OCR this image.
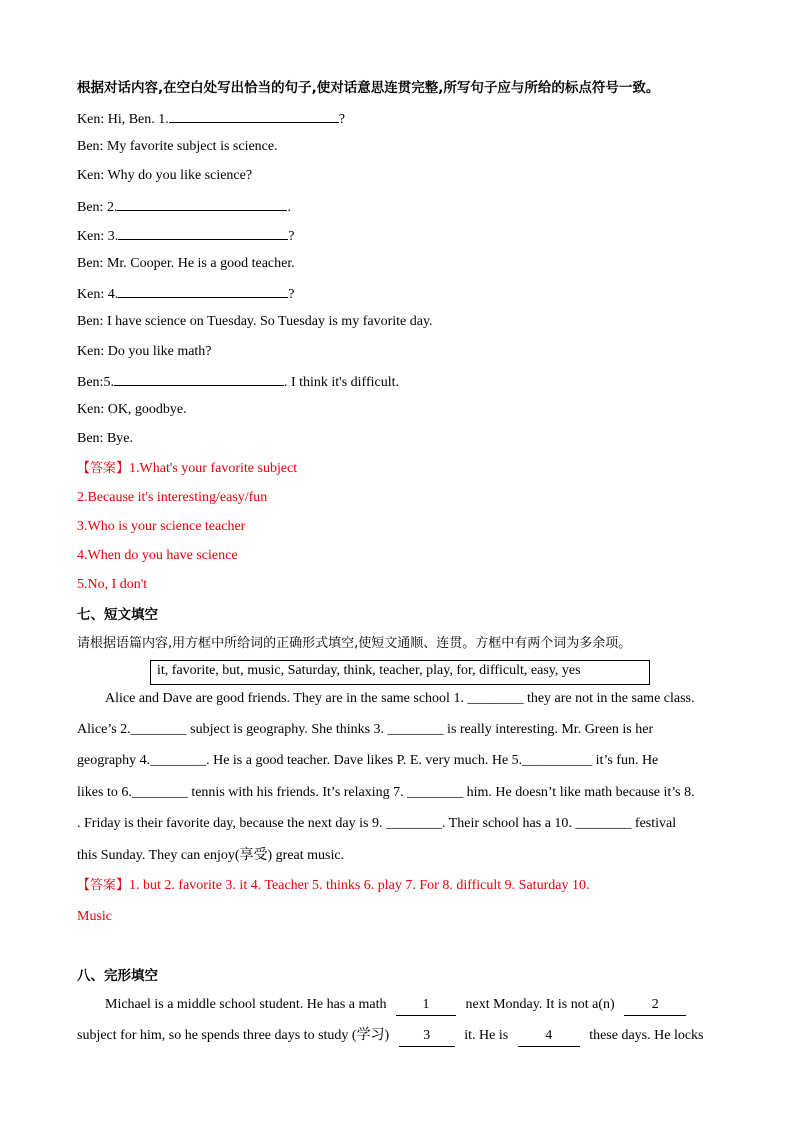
根据对话内容,在空白处写出恰当的句子,使对话意思连贯完整,所写句子应与所给的标点符号一致。
Ken: Hi, Ben. 1.	?
Ben: My favorite subject is science.
Ken: Why do you like science?
Ben: 2.	.
Ken: 3.	?
Ben: Mr. Cooper. He is a good teacher.
Ken: 4.	?
Ben: I have science on Tuesday. So Tuesday is my favorite day.
Ken: Do you like math?
Ben:5.	. I think it's difficult.
Ken: OK, goodbye.
Ben: Bye.
【答案】1.What's your favorite subject
2.Because it's interesting/easy/fun
3.Who is your science teacher
4.When do you have science
5.No, I don't
七、短文填空
请根据语篇内容,用方框中所给词的正确形式填空,使短文通顺、连贯。方框中有两个词为多余项。
it, favorite, but, music, Saturday, think, teacher, play, for, difficult, easy, yes
Alice and Dave are good friends. They are in the same school 1. ________ they are not in the same class.
Alice’s 2.________ subject is geography. She thinks 3. ________ is really interesting. Mr. Green is her
geography 4.________. He is a good teacher. Dave likes P. E. very much. He 5.__________ it’s fun. He
likes to 6.________ tennis with his friends. It’s relaxing 7. ________ him. He doesn’t like math because it’s 8.
. Friday is their favorite day, because the next day is 9. ________. Their school has a 10. ________ festival
this Sunday. They can enjoy(享受) great music.
【答案】1. but 2. favorite 3. it 4. Teacher 5. thinks 6. play 7. For 8. difficult 9. Saturday 10.
Music
八、完形填空
Michael is a middle school student. He has a math	1	next Monday. It is not a(n)	2
subject for him, so he spends three days to study (学习) 3 it. He is	4	these days. He locks
